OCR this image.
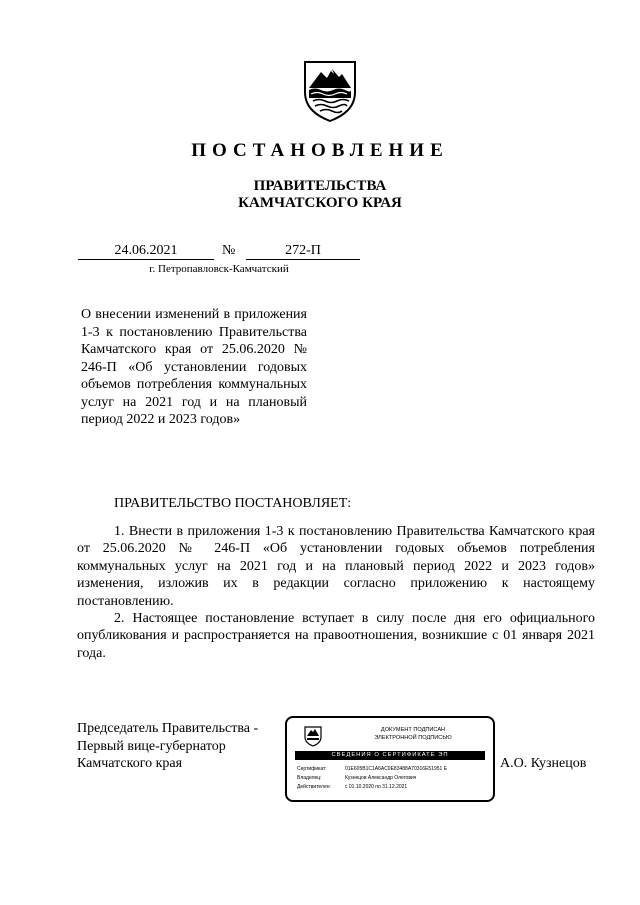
ПОСТАНОВЛЕНИЕ
ПРАВИТЕЛЬСТВА
КАМЧАТСКОГО КРАЯ
24.06.2021	№	272-П
г. Петропавловск-Камчатский
О внесении изменений в приложения 1-3 к постановлению Правительства Камчатского края от 25.06.2020 № 246-П «Об установлении годовых объемов потребления коммунальных услуг на 2021 год и на плановый период 2022 и 2023 годов»
ПРАВИТЕЛЬСТВО ПОСТАНОВЛЯЕТ:
1. Внести в приложения 1-3 к постановлению Правительства Камчатского края от 25.06.2020 № 246-П «Об установлении годовых объемов потребления коммунальных услуг на 2021 год и на плановый период 2022 и 2023 годов» изменения, изложив их в редакции согласно приложению к настоящему постановлению.
2. Настоящее постановление вступает в силу после дня его официального опубликования и распространяется на правоотношения, возникшие с 01 января 2021 года.
Председатель Правительства -
Первый вице-губернатор
Камчатского края
ДОКУМЕНТ ПОДПИСАН
ЭЛЕКТРОННОЙ ПОДПИСЬЮ
СВЕДЕНИЯ О СЕРТИФИКАТЕ ЭП
Сертификат:	01E605B1C1A6AC0E83488A70316E51951 E
Владелец:	Кузнецов Александр Олегович
Действителен:	с 01.10.2020 по 31.12.2021
А.О. Кузнецов
